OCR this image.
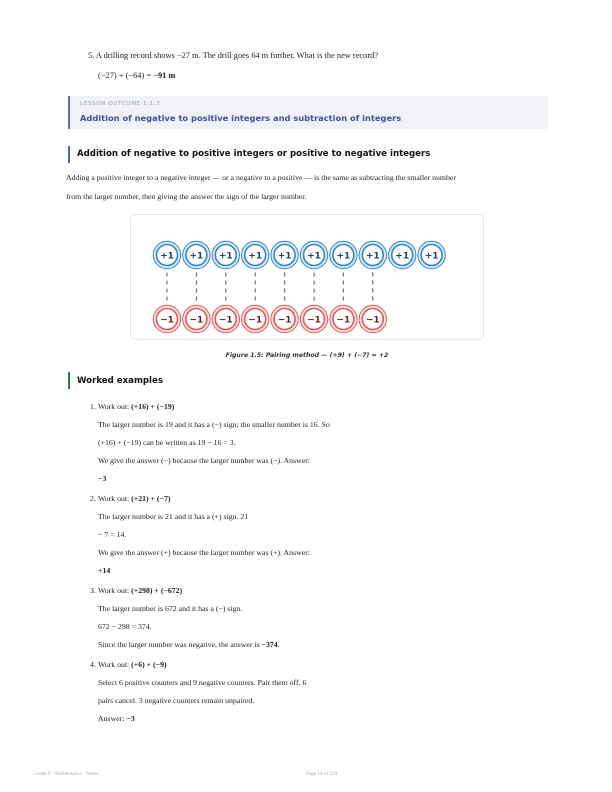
5. A drilling record shows −27 m. The drill goes 64 m further. What is the new record?
(−27) + (−64) = −91 m
LESSON OUTCOME 1.1.3
Addition of negative to positive integers and subtraction of integers
Addition of negative to positive integers or positive to negative integers
Adding a positive integer to a negative integer — or a negative to a positive — is the same as subtracting the smaller number
from the larger number, then giving the answer the sign of the larger number.
+1 +1 +1 +1 +1 +1 +1 +1 +1 +1
−1 −1 −1 −1 −1 −1 −1 −1
Figure 1.5: Pairing method — (+9) + (−7) = +2
Worked examples
1. Work out: (+16) + (−19)
The larger number is 19 and it has a (−) sign; the smaller number is 16. So
(+16) + (−19) can be written as 19 − 16 = 3.
We give the answer (−) because the larger number was (−). Answer:
−3
2. Work out: (+21) + (−7)
The larger number is 21 and it has a (+) sign. 21
− 7 = 14.
We give the answer (+) because the larger number was (+). Answer:
+14
3. Work out: (+298) + (−672)
The larger number is 672 and it has a (−) sign.
672 − 298 = 374.
Since the larger number was negative, the answer is −374.
4. Work out: (+6) + (−9)
Select 6 positive counters and 9 negative counters. Pair them off. 6
pairs cancel. 3 negative counters remain unpaired.
Answer: −3
Grade 9 · Mathematics · Notes	Page 10 of 219
